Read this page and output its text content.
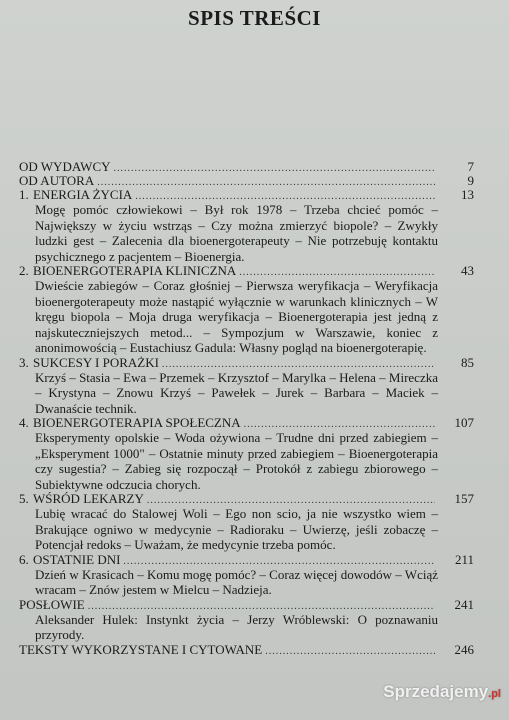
SPIS TREŚCI
OD WYDAWCY .....	7
OD AUTORA .....	9
1. ENERGIA ŻYCIA .....	13
Mogę pomóc człowiekowi – Był rok 1978 – Trzeba chcieć pomóc – Największy w życiu wstrząs – Czy można zmierzyć biopole? – Zwykły ludzki gest – Zalecenia dla bioenergoterapeuty – Nie potrzebuję kontaktu psychicznego z pacjentem – Bioenergia.
2. BIOENERGOTERAPIA KLINICZNA .....	43
Dwieście zabiegów – Coraz głośniej – Pierwsza weryfikacja – Weryfikacja bioenergoterapeuty może nastąpić wyłącznie w warunkach klinicznych – W kręgu biopola – Moja druga weryfikacja – Bioenergoterapia jest jedną z najskuteczniejszych metod... – Sympozjum w Warszawie, koniec z anonimowością – Eustachiusz Gadula: Własny pogląd na bioenergoterapię.
3. SUKCESY I PORAŻKI .....	85
Krzyś – Stasia – Ewa – Przemek – Krzysztof – Marylka – Helena – Mireczka – Krystyna – Znowu Krzyś – Pawełek – Jurek – Barbara – Maciek – Dwanaście technik.
4. BIOENERGOTERAPIA SPOŁECZNA .....	107
Eksperymenty opolskie – Woda ożywiona – Trudne dni przed zabiegiem – „Eksperyment 1000" – Ostatnie minuty przed zabiegiem – Bioenergoterapia czy sugestia? – Zabieg się rozpoczął – Protokół z zabiegu zbiorowego – Subiektywne odczucia chorych.
5. WŚRÓD LEKARZY .....	157
Lubię wracać do Stalowej Woli – Ego non scio, ja nie wszystko wiem – Brakujące ogniwo w medycynie – Radioraku – Uwierzę, jeśli zobaczę – Potencjał redoks – Uważam, że medycynie trzeba pomóc.
6. OSTATNIE DNI .....	211
Dzień w Krasicach – Komu mogę pomóc? – Coraz więcej dowodów – Wciąż wracam – Znów jestem w Mielcu – Nadzieja.
POSŁOWIE .....	241
Aleksander Hulek: Instynkt życia – Jerzy Wróblewski: O poznawaniu przyrody.
TEKSTY WYKORZYSTANE I CYTOWANE .....	246
Sprzedajemy.pl
